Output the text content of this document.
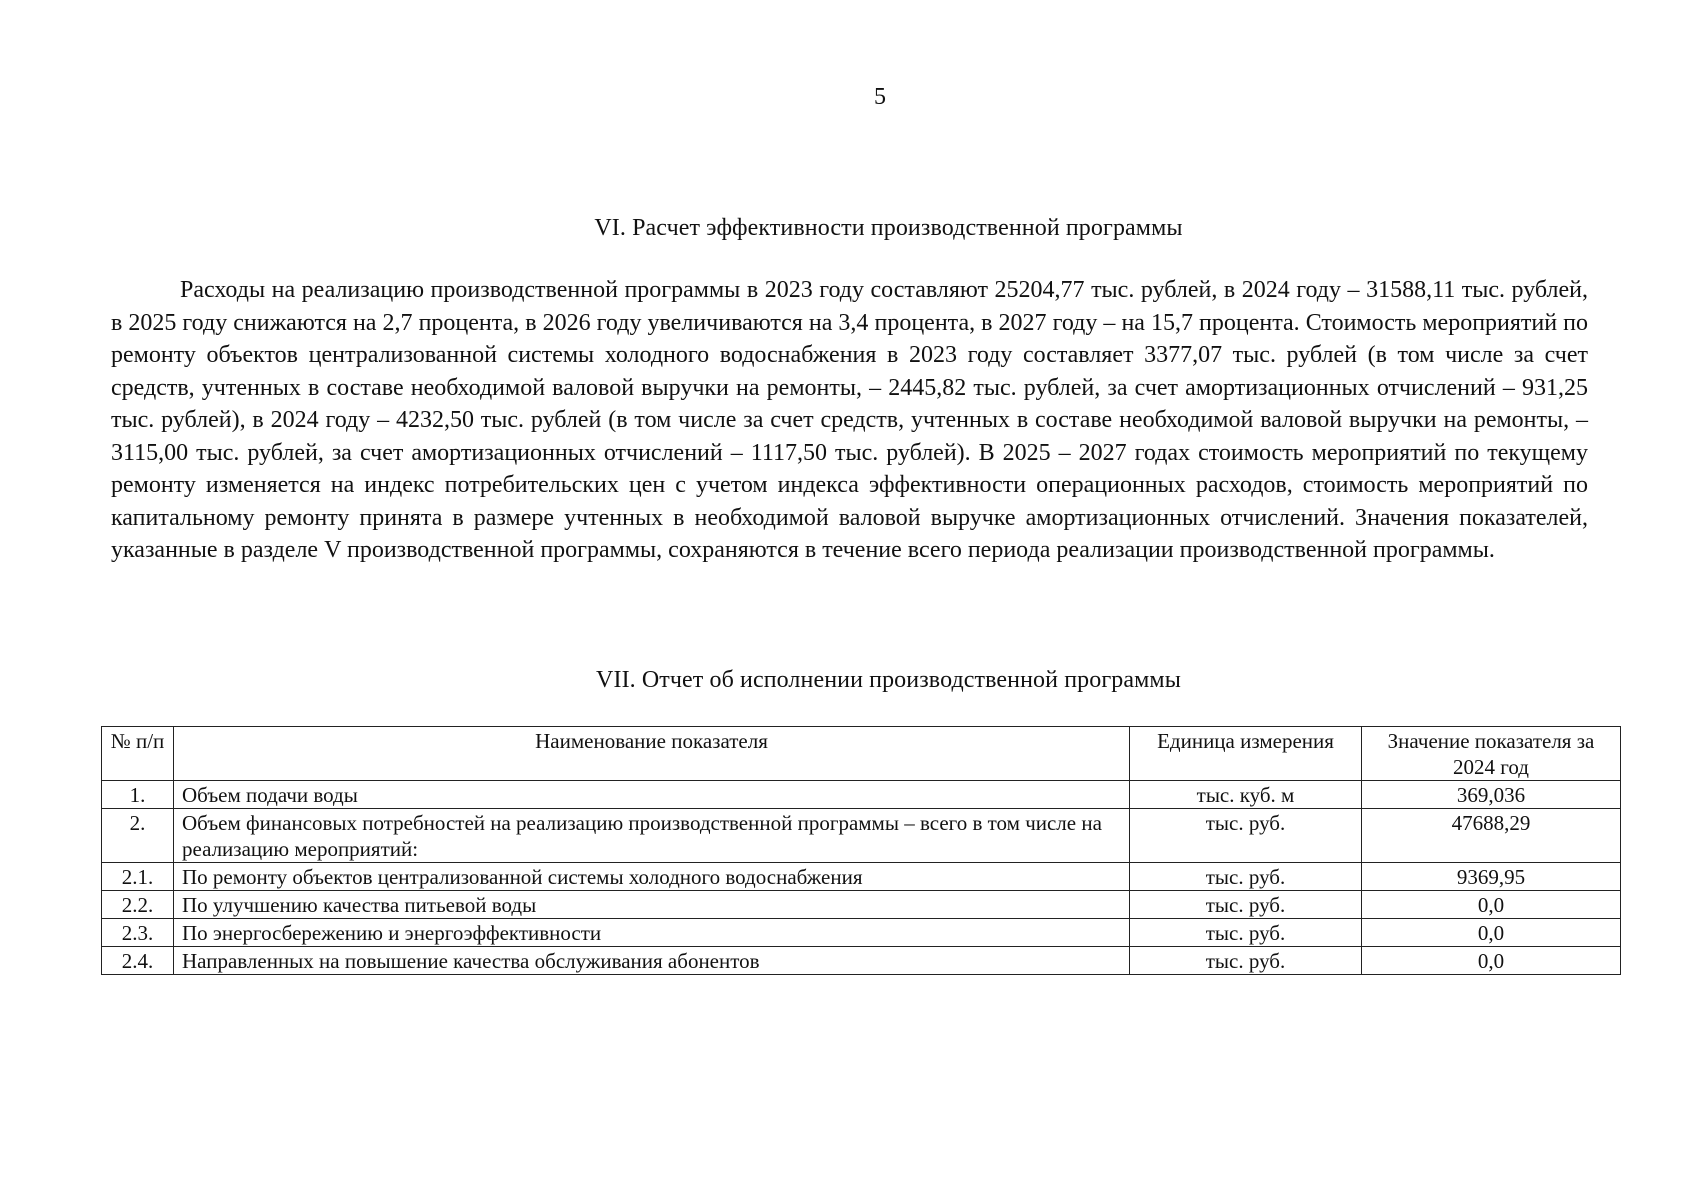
5
VI. Расчет эффективности производственной программы
Расходы на реализацию производственной программы в 2023 году составляют 25204,77 тыс. рублей, в 2024 году – 31588,11 тыс. рублей, в 2025 году снижаются на 2,7 процента, в 2026 году увеличиваются на 3,4 процента, в 2027 году – на 15,7 процента. Стоимость мероприятий по ремонту объектов централизованной системы холодного водоснабжения в 2023 году составляет 3377,07 тыс. рублей (в том числе за счет средств, учтенных в составе необходимой валовой выручки на ремонты, – 2445,82 тыс. рублей, за счет амортизационных отчислений – 931,25 тыс. рублей), в 2024 году – 4232,50 тыс. рублей (в том числе за счет средств, учтенных в составе необходимой валовой выручки на ремонты, – 3115,00 тыс. рублей, за счет амортизационных отчислений – 1117,50 тыс. рублей). В 2025 – 2027 годах стоимость мероприятий по текущему ремонту изменяется на индекс потребительских цен с учетом индекса эффективности операционных расходов, стоимость мероприятий по капитальному ремонту принята в размере учтенных в необходимой валовой выручке амортизационных отчислений. Значения показателей, указанные в разделе V производственной программы, сохраняются в течение всего периода реализации производственной программы.
VII. Отчет об исполнении производственной программы
№ п/п	Наименование показателя	Единица измерения	Значение показателя за 2024 год
1.	Объем подачи воды	тыс. куб. м	369,036
2.	Объем финансовых потребностей на реализацию производственной программы – всего в том числе на реализацию мероприятий:	тыс. руб.	47688,29
2.1.	По ремонту объектов централизованной системы холодного водоснабжения	тыс. руб.	9369,95
2.2.	По улучшению качества питьевой воды	тыс. руб.	0,0
2.3.	По энергосбережению и энергоэффективности	тыс. руб.	0,0
2.4.	Направленных на повышение качества обслуживания абонентов	тыс. руб.	0,0
